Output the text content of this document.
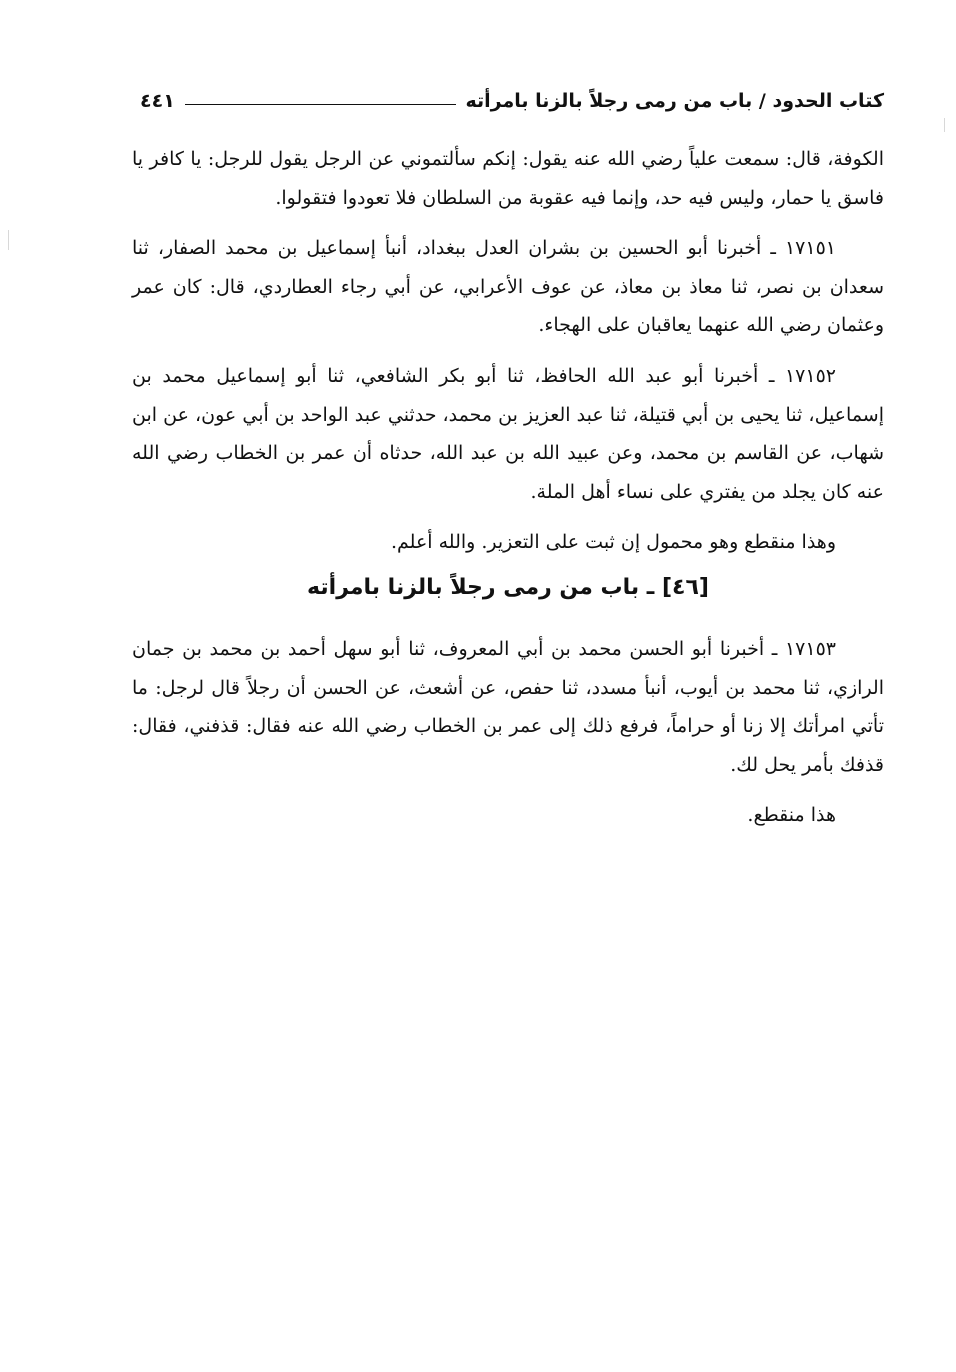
كتاب الحدود / باب من رمى رجلاً بالزنا بامرأته
٤٤١

الكوفة، قال: سمعت علياً رضي الله عنه يقول: إنكم سألتموني عن الرجل يقول للرجل: يا كافر يا فاسق يا حمار، وليس فيه حد، وإنما فيه عقوبة من السلطان فلا تعودوا فتقولوا.

١٧١٥١ ـ أخبرنا أبو الحسين بن بشران العدل ببغداد، أنبأ إسماعيل بن محمد الصفار، ثنا سعدان بن نصر، ثنا معاذ بن معاذ، عن عوف الأعرابي، عن أبي رجاء العطاردي، قال: كان عمر وعثمان رضي الله عنهما يعاقبان على الهجاء.

١٧١٥٢ ـ أخبرنا أبو عبد الله الحافظ، ثنا أبو بكر الشافعي، ثنا أبو إسماعيل محمد بن إسماعيل، ثنا يحيى بن أبي قتيلة، ثنا عبد العزيز بن محمد، حدثني عبد الواحد بن أبي عون، عن ابن شهاب، عن القاسم بن محمد، وعن عبيد الله بن عبد الله، حدثاه أن عمر بن الخطاب رضي الله عنه كان يجلد من يفتري على نساء أهل الملة.

وهذا منقطع وهو محمول إن ثبت على التعزير. والله أعلم.

[٤٦] ـ باب من رمى رجلاً بالزنا بامرأته

١٧١٥٣ ـ أخبرنا أبو الحسن محمد بن أبي المعروف، ثنا أبو سهل أحمد بن محمد بن جمان الرازي، ثنا محمد بن أيوب، أنبأ مسدد، ثنا حفص، عن أشعث، عن الحسن أن رجلاً قال لرجل: ما تأتي امرأتك إلا زنا أو حراماً، فرفع ذلك إلى عمر بن الخطاب رضي الله عنه فقال: قذفني، فقال: قذفك بأمر يحل لك.

هذا منقطع.
